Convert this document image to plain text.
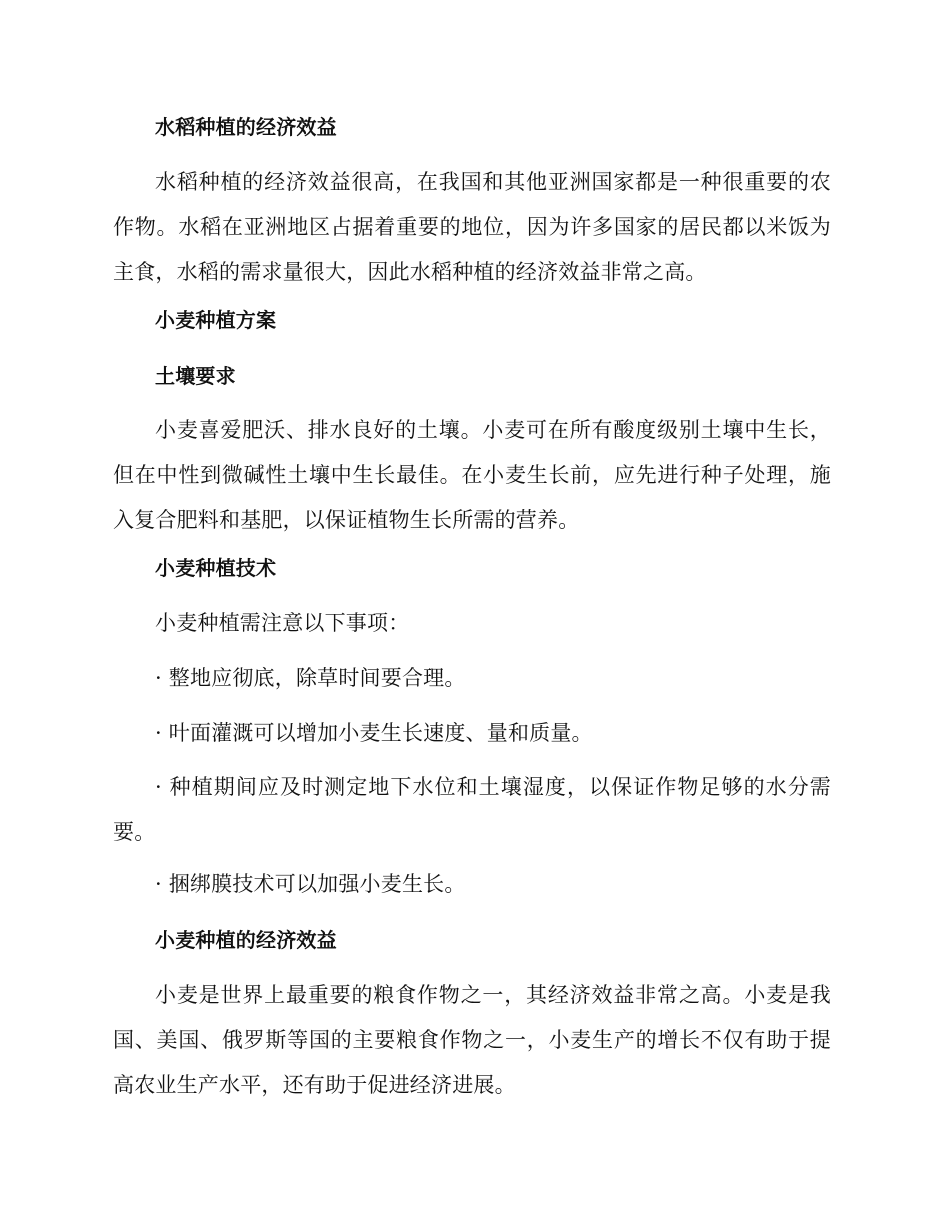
水稻种植的经济效益

水稻种植的经济效益很高，在我国和其他亚洲国家都是一种很重要的农作物。水稻在亚洲地区占据着重要的地位，因为许多国家的居民都以米饭为主食，水稻的需求量很大，因此水稻种植的经济效益非常之高。

小麦种植方案

土壤要求

小麦喜爱肥沃、排水良好的土壤。小麦可在所有酸度级别土壤中生长，但在中性到微碱性土壤中生长最佳。在小麦生长前，应先进行种子处理，施入复合肥料和基肥，以保证植物生长所需的营养。

小麦种植技术

小麦种植需注意以下事项：

· 整地应彻底，除草时间要合理。

· 叶面灌溉可以增加小麦生长速度、量和质量。

· 种植期间应及时测定地下水位和土壤湿度，以保证作物足够的水分需要。

· 捆绑膜技术可以加强小麦生长。

小麦种植的经济效益

小麦是世界上最重要的粮食作物之一，其经济效益非常之高。小麦是我国、美国、俄罗斯等国的主要粮食作物之一，小麦生产的增长不仅有助于提高农业生产水平，还有助于促进经济进展。
